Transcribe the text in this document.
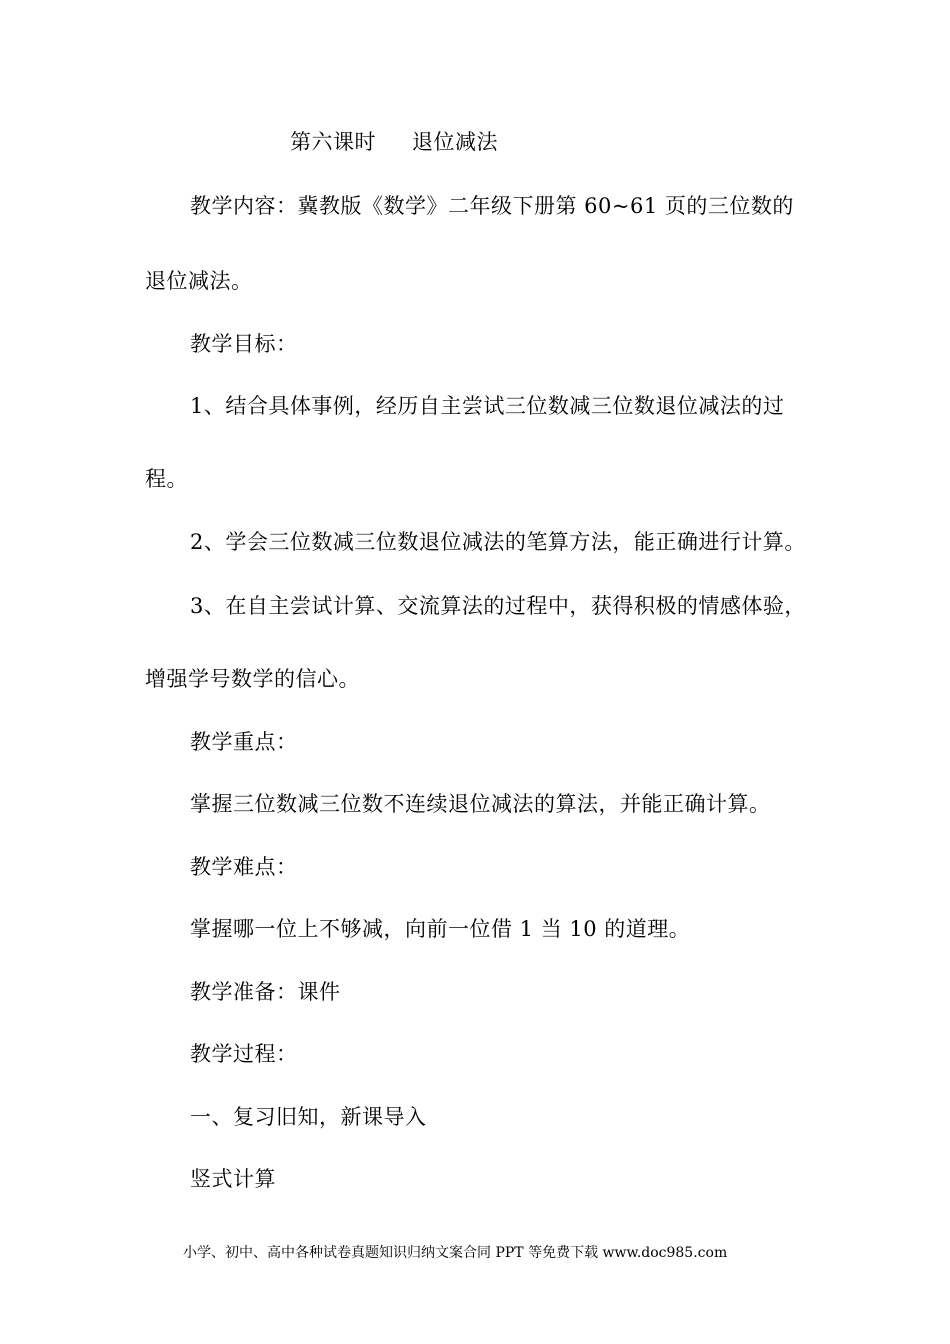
第六课时 退位减法
教学内容：冀教版《数学》二年级下册第 60~61 页的三位数的
退位减法。
教学目标：
1、结合具体事例，经历自主尝试三位数减三位数退位减法的过
程。
2、学会三位数减三位数退位减法的笔算方法，能正确进行计算。
3、在自主尝试计算、交流算法的过程中，获得积极的情感体验，
增强学号数学的信心。
教学重点：
掌握三位数减三位数不连续退位减法的算法，并能正确计算。
教学难点：
掌握哪一位上不够减，向前一位借 1 当 10 的道理。
教学准备：课件
教学过程：
一、复习旧知，新课导入
竖式计算
小学、初中、高中各种试卷真题知识归纳文案合同 PPT 等免费下载 www.doc985.com
